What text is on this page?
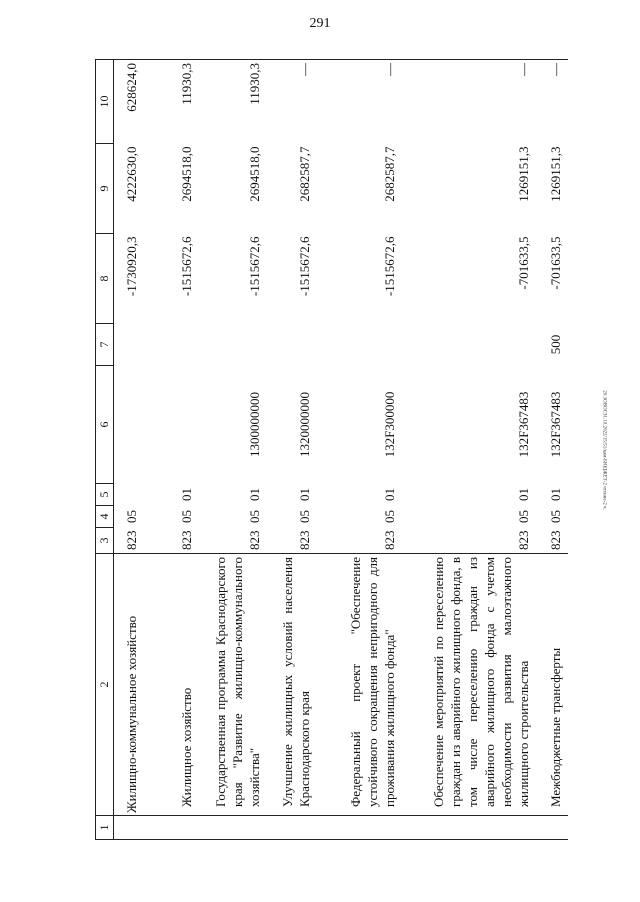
291
20.3ОВОСЗ1.10.2022/15:51/кам-БЮДЖЕТ-2 чтение-2 ч.
1	2	3	4	5	6	7	8	9	10
	Жилищно-коммунальное хозяйство	823	05				-1730920,3	4222630,0	628624,0
	Жилищное хозяйство	823	05	01			-1515672,6	2694518,0	11930,3
	Государственная программа Краснодарского края "Развитие жилищно-коммунального хозяйства"	823	05	01	1300000000		-1515672,6	2694518,0	11930,3
	Улучшение жилищных условий населения Краснодарского края	823	05	01	1320000000		-1515672,6	2682587,7	—
	Федеральный проект "Обеспечение устойчивого сокращения непригодного для проживания жилищного фонда"	823	05	01	132F300000		-1515672,6	2682587,7	—
	Обеспечение мероприятий по переселению граждан из аварийного жилищного фонда, в том числе переселению граждан из аварийного жилищного фонда с учетом необходимости развития малоэтажного жилищного строительства	823	05	01	132F367483		-701633,5	1269151,3	—
	Межбюджетные трансферты	823	05	01	132F367483	500	-701633,5	1269151,3	—
